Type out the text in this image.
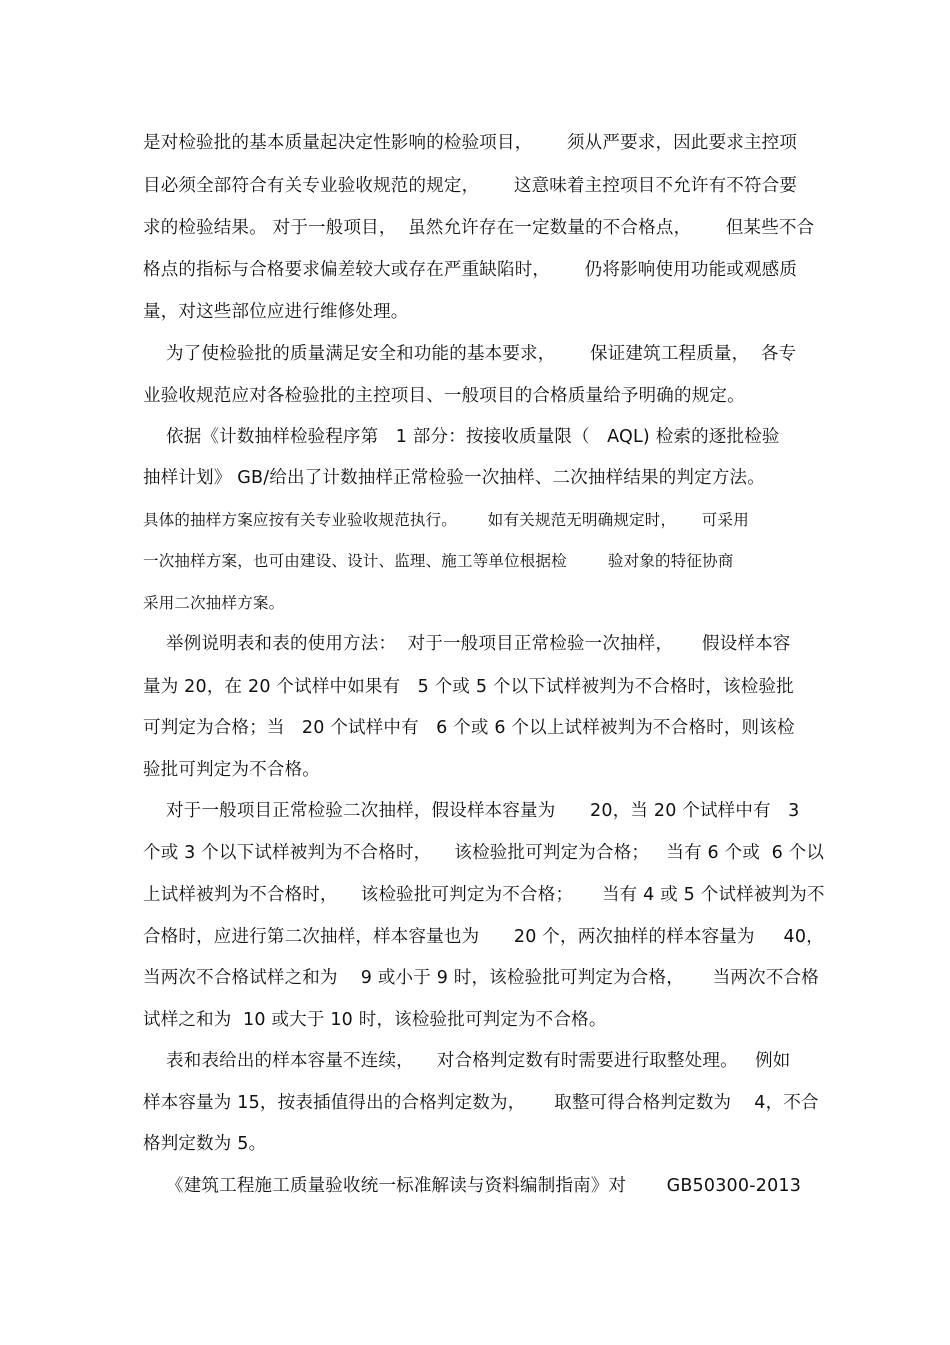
是对检验批的基本质量起决定性影响的检验项目，      须从严要求，因此要求主控项
目必须全部符合有关专业验收规范的规定，      这意味着主控项目不允许有不符合要
求的检验结果。 对于一般项目，  虽然允许存在一定数量的不合格点，      但某些不合
格点的指标与合格要求偏差较大或存在严重缺陷时，      仍将影响使用功能或观感质
量，对这些部位应进行维修处理。
为了使检验批的质量满足安全和功能的基本要求，      保证建筑工程质量，  各专
业验收规范应对各检验批的主控项目、一般项目的合格质量给予明确的规定。
依据《计数抽样检验程序第   1 部分：按接收质量限（   AQL) 检索的逐批检验
抽样计划》 GB/给出了计数抽样正常检验一次抽样、二次抽样结果的判定方法。
具体的抽样方案应按有关专业验收规范执行。      如有关规范无明确规定时，     可采用
一次抽样方案，也可由建设、设计、监理、施工等单位根据检        验对象的特征协商
采用二次抽样方案。
举例说明表和表的使用方法：  对于一般项目正常检验一次抽样，     假设样本容
量为 20，在 20 个试样中如果有   5 个或 5 个以下试样被判为不合格时，该检验批
可判定为合格；当   20 个试样中有   6 个或 6 个以上试样被判为不合格时，则该检
验批可判定为不合格。
对于一般项目正常检验二次抽样，假设样本容量为      20，当 20 个试样中有   3
个或 3 个以下试样被判为不合格时，    该检验批可判定为合格；   当有 6 个或  6 个以
上试样被判为不合格时，    该检验批可判定为不合格；     当有 4 或 5 个试样被判为不
合格时，应进行第二次抽样，样本容量也为      20 个，两次抽样的样本容量为     40，
当两次不合格试样之和为    9 或小于 9 时，该检验批可判定为合格，     当两次不合格
试样之和为  10 或大于 10 时，该检验批可判定为不合格。
表和表给出的样本容量不连续，    对合格判定数有时需要进行取整处理。   例如
样本容量为 15，按表插值得出的合格判定数为，     取整可得合格判定数为    4，不合
格判定数为 5。
《建筑工程施工质量验收统一标准解读与资料编制指南》对       GB50300-2013
